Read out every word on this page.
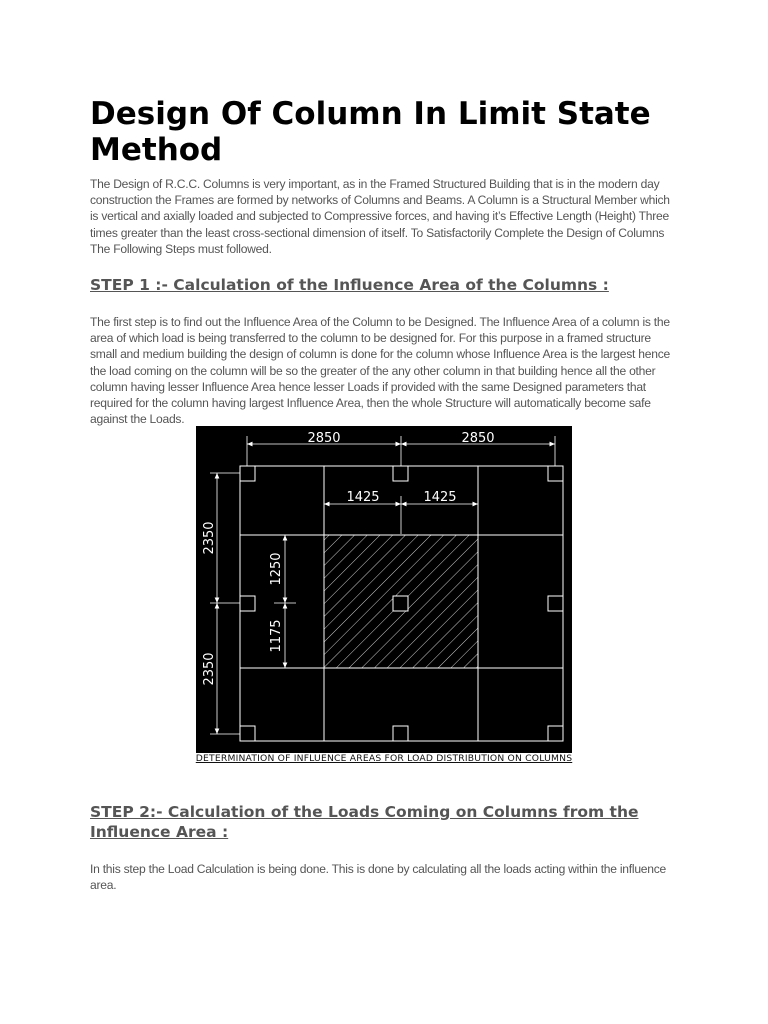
Design Of Column In Limit State Method

The Design of R.C.C. Columns is very important, as in the Framed Structured Building that is in the modern day construction the Frames are formed by networks of Columns and Beams. A Column is a Structural Member which is vertical and axially loaded and subjected to Compressive forces, and having it’s Effective Length (Height) Three times greater than the least cross-sectional dimension of itself. To Satisfactorily Complete the Design of Columns The Following Steps must followed.

STEP 1 :- Calculation of the Influence Area of the Columns :

The first step is to find out the Influence Area of the Column to be Designed. The Influence Area of a column is the area of which load is being transferred to the column to be designed for. For this purpose in a framed structure small and medium building the design of column is done for the column whose Influence Area is the largest hence the load coming on the column will be so the greater of the any other column in that building hence all the other column having lesser Influence Area hence lesser Loads if provided with the same Designed parameters that required for the column having largest Influence Area, then the whole Structure will automatically become safe against the Loads.

2850	2850
1425	1425
2350
2350
1250
1175
DETERMINATION OF INFLUENCE AREAS FOR LOAD DISTRIBUTION ON COLUMNS
STEP 2:- Calculation of the Loads Coming on Columns from the Influence Area :

In this step the Load Calculation is being done. This is done by calculating all the loads acting within the influence area.
